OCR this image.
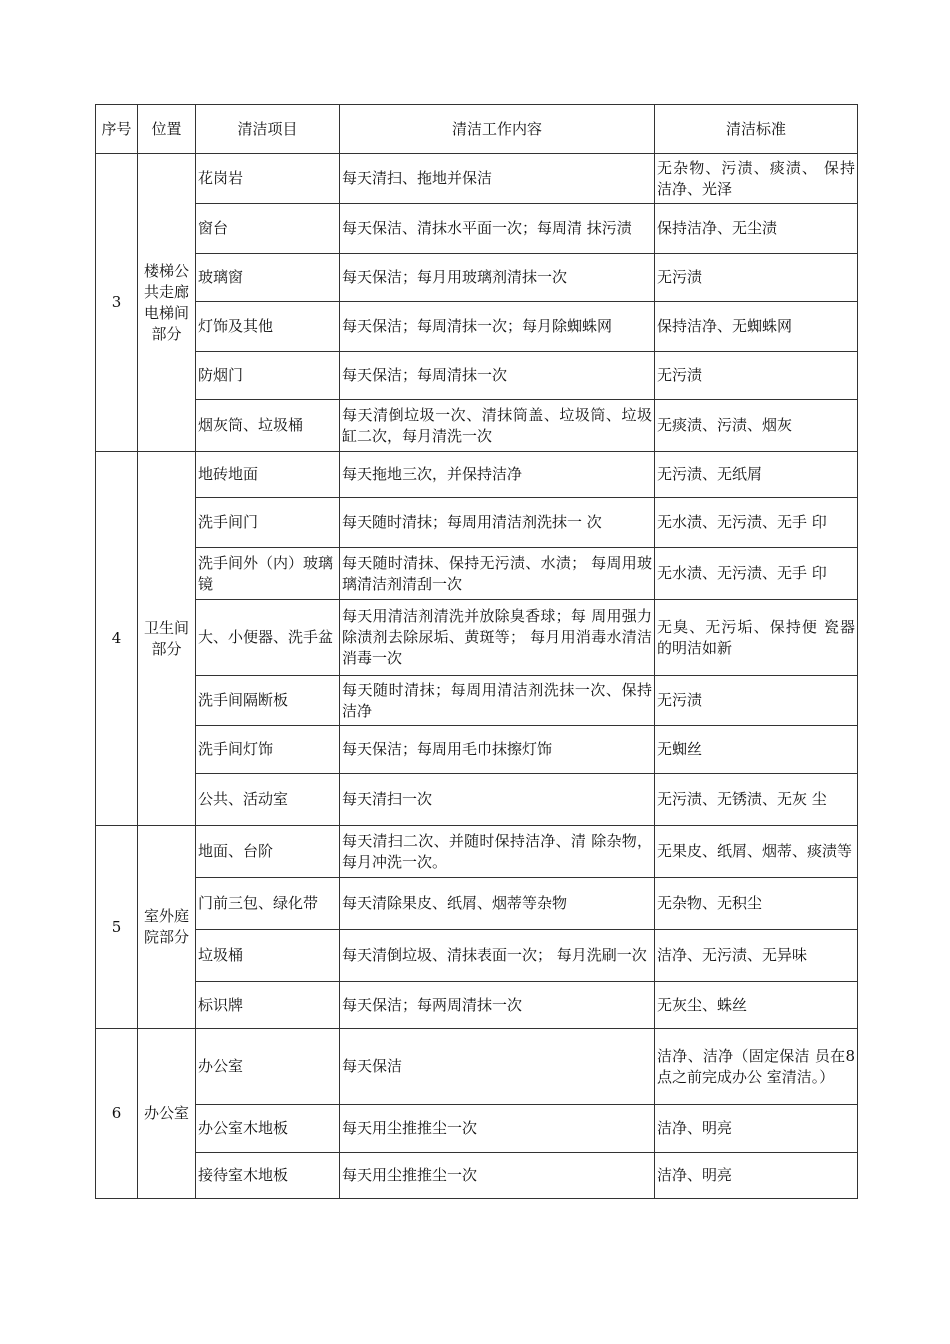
序号	位置	清洁项目	清洁工作内容	清洁标准
3	楼梯公共走廊电梯间部分	花岗岩	每天清扫、拖地并保洁	无杂物、污渍、痰渍、 保持洁净、光泽
		窗台	每天保洁、清抹水平面一次；每周清 抹污渍	保持洁净、无尘渍
		玻璃窗	每天保洁；每月用玻璃剂清抹一次	无污渍
		灯饰及其他	每天保洁；每周清抹一次；每月除蜘蛛网	保持洁净、无蜘蛛网
		防烟门	每天保洁；每周清抹一次	无污渍
		烟灰筒、垃圾桶	每天清倒垃圾一次、清抹筒盖、垃圾筒、垃圾缸二次，每月清洗一次	无痰渍、污渍、烟灰
4	卫生间部分	地砖地面	每天拖地三次，并保持洁净	无污渍、无纸屑
		洗手间门	每天随时清抹；每周用清洁剂洗抹一 次	无水渍、无污渍、无手 印
		洗手间外（内）玻璃镜	每天随时清抹、保持无污渍、水渍； 每周用玻璃清洁剂清刮一次	无水渍、无污渍、无手 印
		大、小便器、洗手盆	每天用清洁剂清洗并放除臭香球；每 周用强力除渍剂去除尿垢、黄斑等； 每月用消毒水清洁消毒一次	无臭、无污垢、保持便 瓷器的明洁如新
		洗手间隔断板	每天随时清抹；每周用清洁剂洗抹一次、保持洁净	无污渍
		洗手间灯饰	每天保洁；每周用毛巾抹擦灯饰	无蜘丝
		公共、活动室	每天清扫一次	无污渍、无锈渍、无灰 尘
5	室外庭院部分	地面、台阶	每天清扫二次、并随时保持洁净、清 除杂物，每月冲洗一次。	无果皮、纸屑、烟蒂、痰渍等
		门前三包、绿化带	每天清除果皮、纸屑、烟蒂等杂物	无杂物、无积尘
		垃圾桶	每天清倒垃圾、清抹表面一次； 每月洗刷一次	洁净、无污渍、无异味
		标识牌	每天保洁；每两周清抹一次	无灰尘、蛛丝
6	办公室	办公室	每天保洁	洁净、洁净（固定保洁 员在8点之前完成办公 室清洁。）
		办公室木地板	每天用尘推推尘一次	洁净、明亮
		接待室木地板	每天用尘推推尘一次	洁净、明亮
